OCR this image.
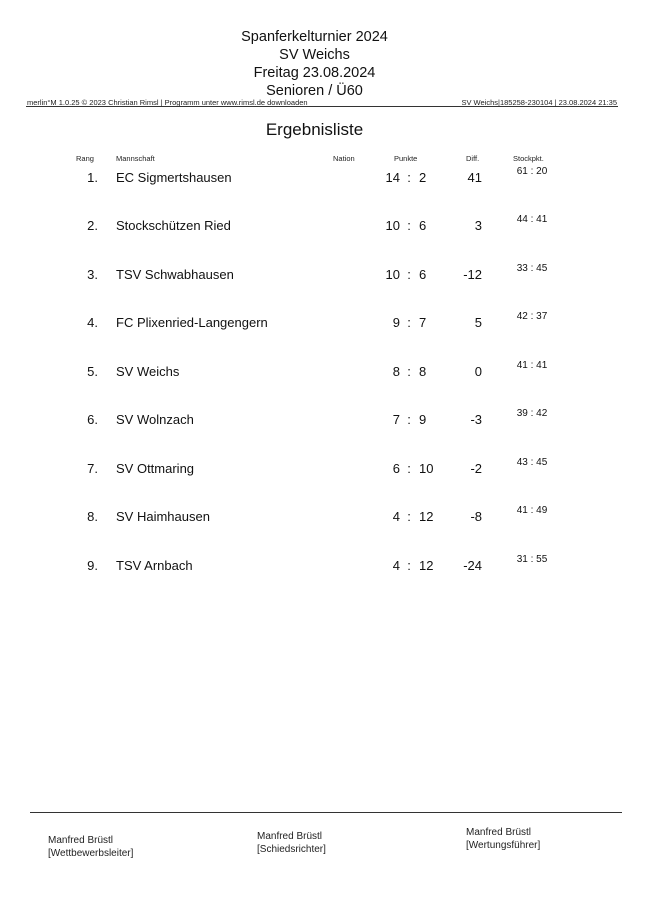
Spanferkelturnier 2024
SV Weichs
Freitag 23.08.2024
Senioren / Ü60
merlin°M 1.0.25 © 2023 Christian Rimsl | Programm unter www.rimsl.de downloaden	SV Weichs|185258-230104 | 23.08.2024 21:35
Ergebnisliste
Rang	Mannschaft	Nation	Punkte	Diff.	Stockpkt.
1. EC Sigmertshausen	14 : 2	41	61 : 20
2. Stockschützen Ried	10 : 6	3	44 : 41
3. TSV Schwabhausen	10 : 6	-12	33 : 45
4. FC Plixenried-Langengern	9 : 7	5	42 : 37
5. SV Weichs	8 : 8	0	41 : 41
6. SV Wolnzach	7 : 9	-3	39 : 42
7. SV Ottmaring	6 : 10	-2	43 : 45
8. SV Haimhausen	4 : 12	-8	41 : 49
9. TSV Arnbach	4 : 12	-24	31 : 55
Manfred Brüstl
[Wettbewerbsleiter]
Manfred Brüstl
[Schiedsrichter]
Manfred Brüstl
[Wertungsführer]
